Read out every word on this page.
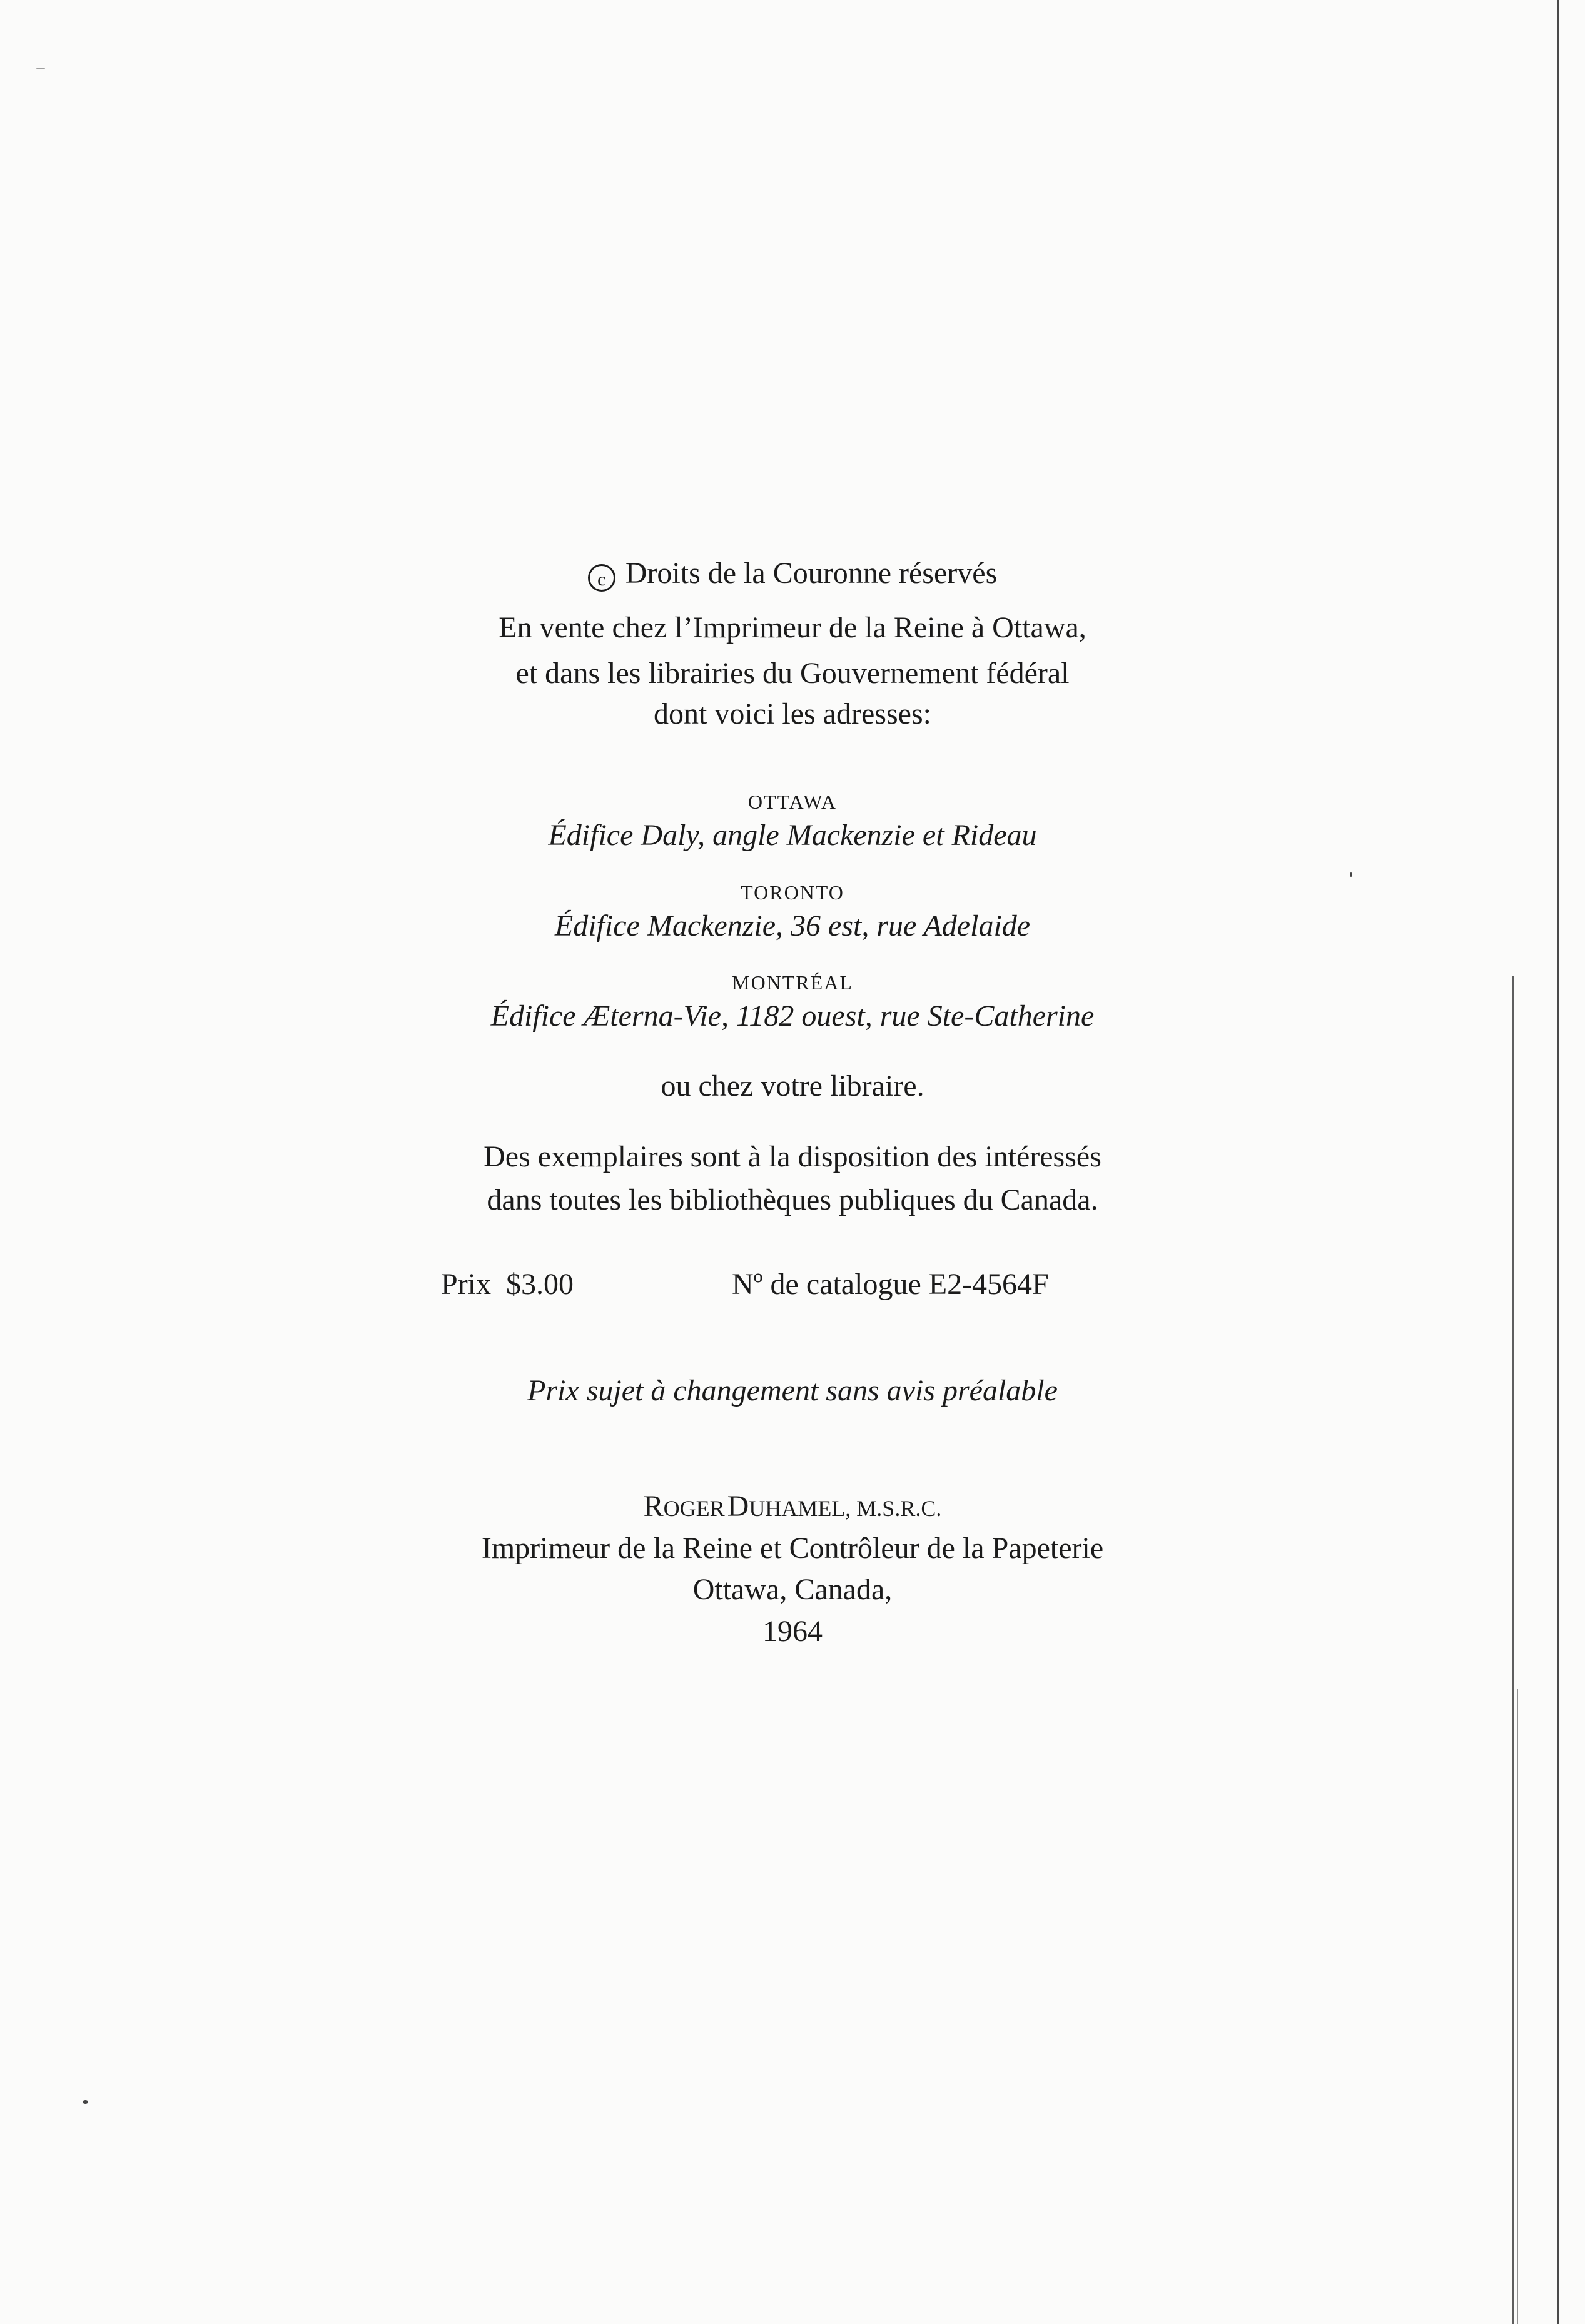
c Droits de la Couronne réservés
En vente chez l’Imprimeur de la Reine à Ottawa,
et dans les librairies du Gouvernement fédéral
dont voici les adresses:
OTTAWA
Édifice Daly, angle Mackenzie et Rideau
TORONTO
Édifice Mackenzie, 36 est, rue Adelaide
MONTRÉAL
Édifice Æterna-Vie, 1182 ouest, rue Ste-Catherine
ou chez votre libraire.
Des exemplaires sont à la disposition des intéressés
dans toutes les bibliothèques publiques du Canada.
Prix  $3.00	Nº de catalogue E2-4564F
Prix sujet à changement sans avis préalable
ROGER DUHAMEL, M.S.R.C.
Imprimeur de la Reine et Contrôleur de la Papeterie
Ottawa, Canada,
1964
